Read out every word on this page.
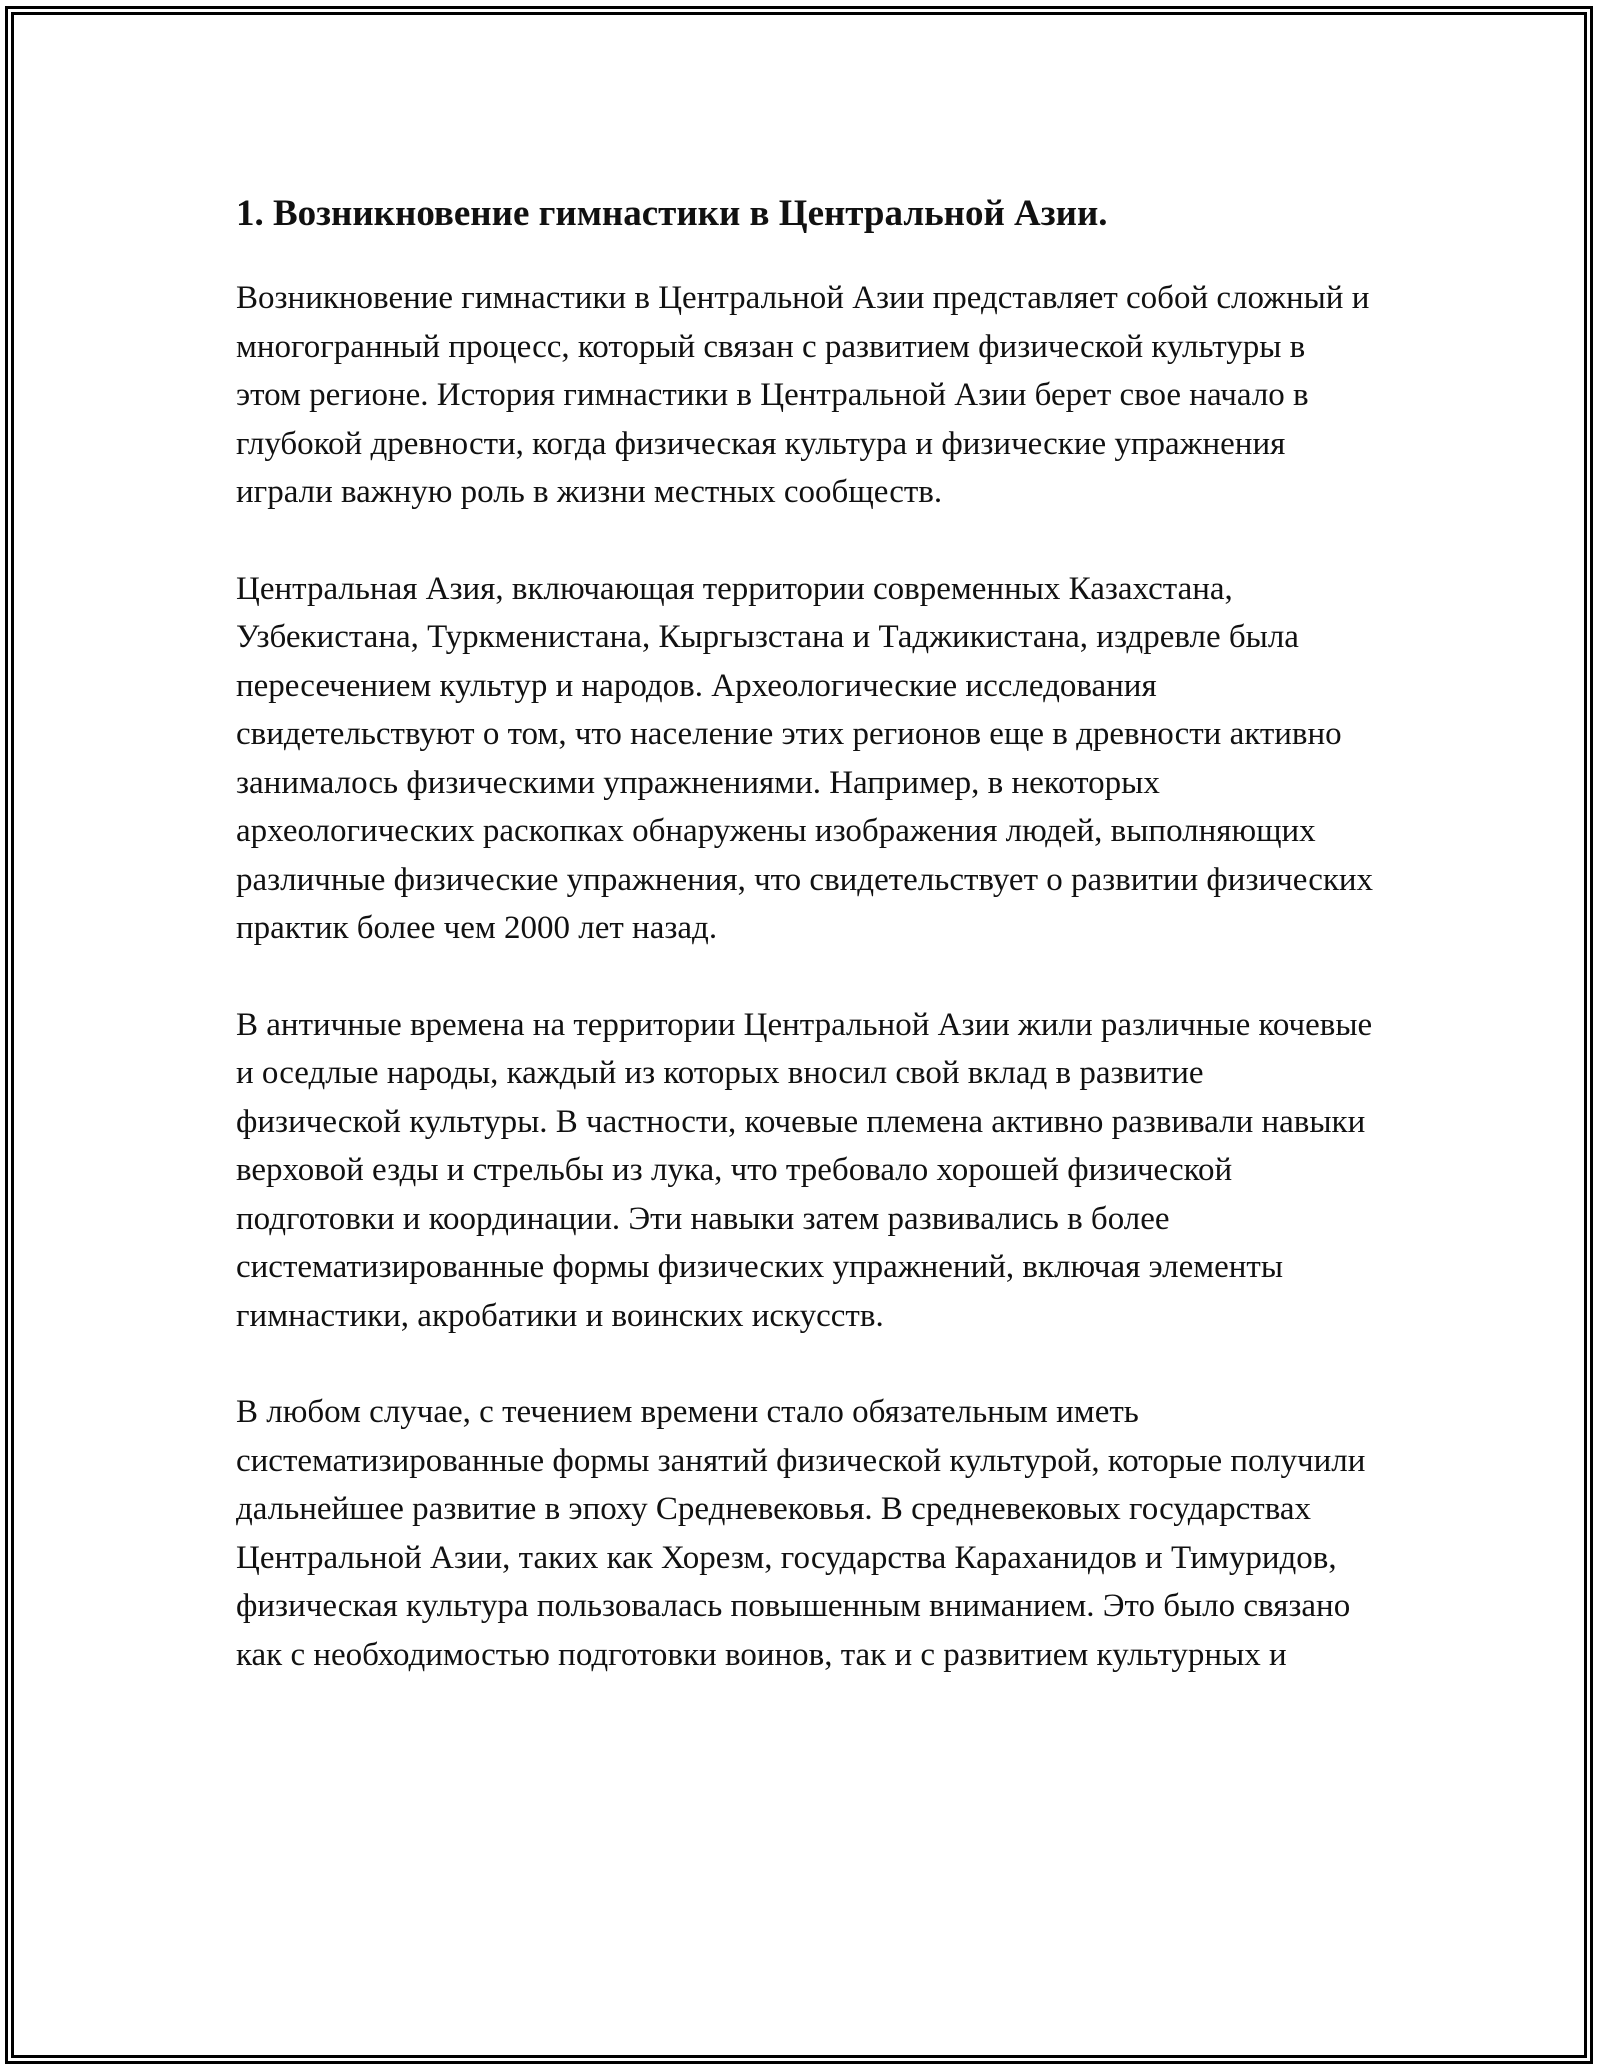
1. Возникновение гимнастики в Центральной Азии.

Возникновение гимнастики в Центральной Азии представляет собой сложный и многогранный процесс, который связан с развитием физической культуры в этом регионе. История гимнастики в Центральной Азии берет свое начало в глубокой древности, когда физическая культура и физические упражнения играли важную роль в жизни местных сообществ.

Центральная Азия, включающая территории современных Казахстана, Узбекистана, Туркменистана, Кыргызстана и Таджикистана, издревле была пересечением культур и народов. Археологические исследования свидетельствуют о том, что население этих регионов еще в древности активно занималось физическими упражнениями. Например, в некоторых археологических раскопках обнаружены изображения людей, выполняющих различные физические упражнения, что свидетельствует о развитии физических практик более чем 2000 лет назад.

В античные времена на территории Центральной Азии жили различные кочевые и оседлые народы, каждый из которых вносил свой вклад в развитие физической культуры. В частности, кочевые племена активно развивали навыки верховой езды и стрельбы из лука, что требовало хорошей физической подготовки и координации. Эти навыки затем развивались в более систематизированные формы физических упражнений, включая элементы гимнастики, акробатики и воинских искусств.

В любом случае, с течением времени стало обязательным иметь систематизированные формы занятий физической культурой, которые получили дальнейшее развитие в эпоху Средневековья. В средневековых государствах Центральной Азии, таких как Хорезм, государства Караханидов и Тимуридов, физическая культура пользовалась повышенным вниманием. Это было связано как с необходимостью подготовки воинов, так и с развитием культурных и
